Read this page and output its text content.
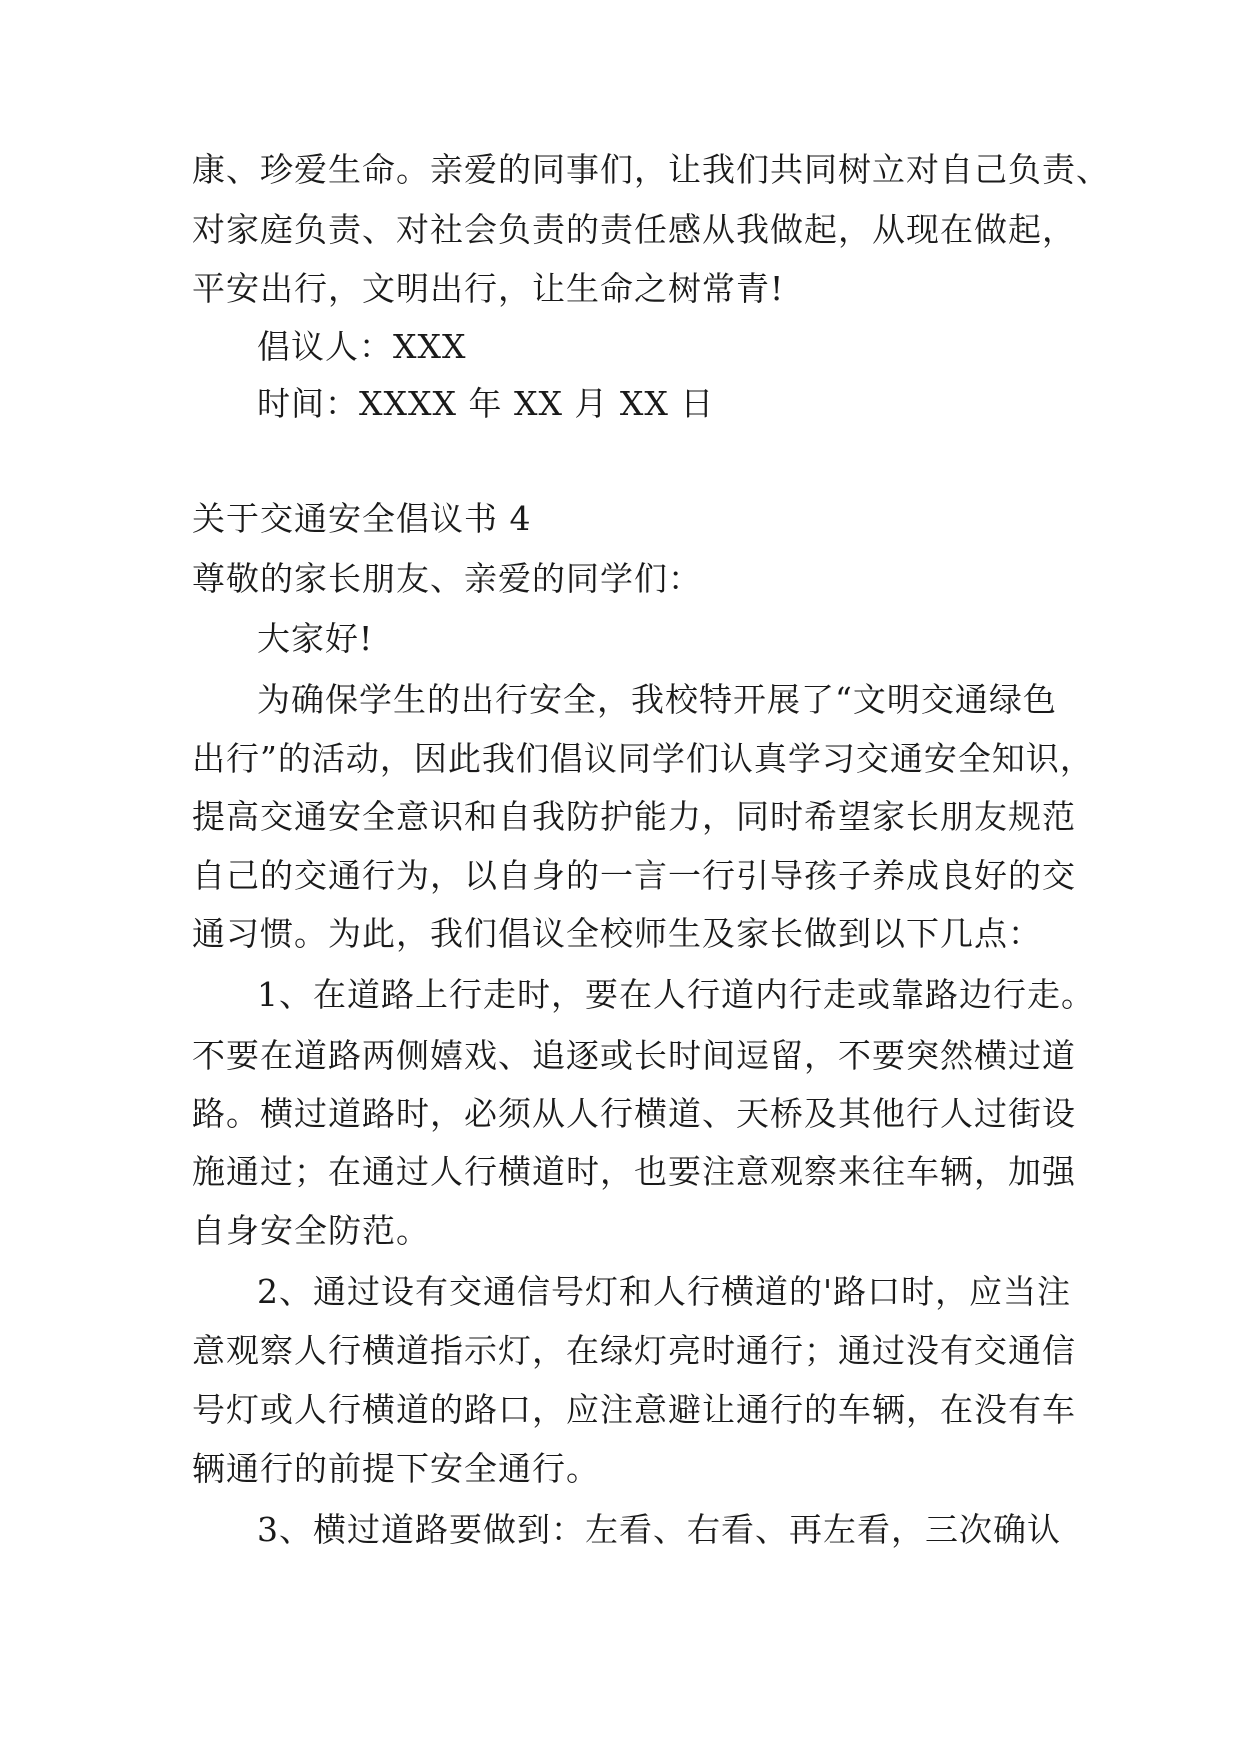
康、珍爱生命。亲爱的同事们，让我们共同树立对自己负责、

对家庭负责、对社会负责的责任感从我做起，从现在做起，

平安出行，文明出行，让生命之树常青!

倡议人：XXX

时间：XXXX 年 XX 月 XX 日

关于交通安全倡议书 4

尊敬的家长朋友、亲爱的同学们：

大家好!

为确保学生的出行安全，我校特开展了“文明交通绿色

出行”的活动，因此我们倡议同学们认真学习交通安全知识，

提高交通安全意识和自我防护能力，同时希望家长朋友规范

自己的交通行为，以自身的一言一行引导孩子养成良好的交

通习惯。为此，我们倡议全校师生及家长做到以下几点：

1、在道路上行走时，要在人行道内行走或靠路边行走。

不要在道路两侧嬉戏、追逐或长时间逗留，不要突然横过道

路。横过道路时，必须从人行横道、天桥及其他行人过街设

施通过；在通过人行横道时，也要注意观察来往车辆，加强

自身安全防范。

2、通过设有交通信号灯和人行横道的'路口时，应当注

意观察人行横道指示灯，在绿灯亮时通行；通过没有交通信

号灯或人行横道的路口，应注意避让通行的车辆，在没有车

辆通行的前提下安全通行。

3、横过道路要做到：左看、右看、再左看，三次确认
